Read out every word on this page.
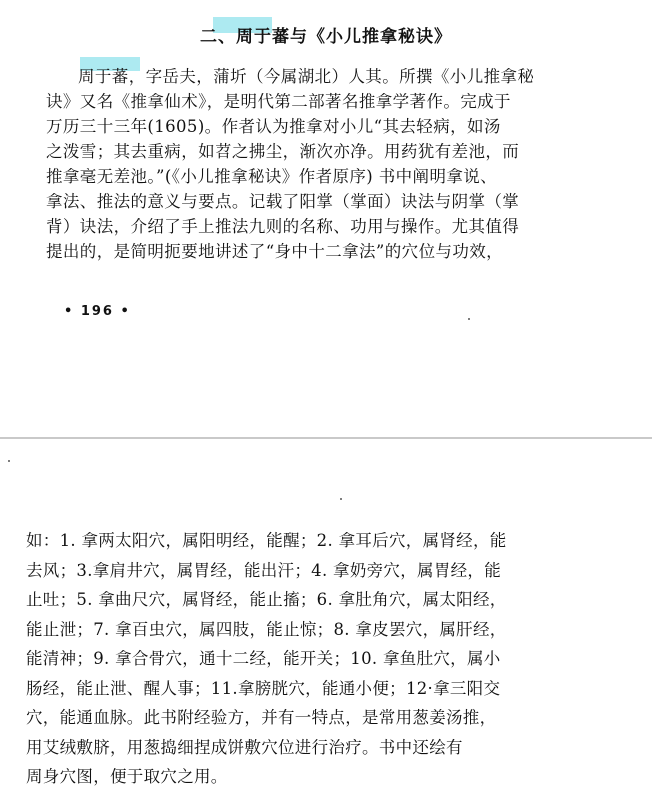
二、周于蕃与《小儿推拿秘诀》
周于蕃，字岳夫，蒲圻（今属湖北）人其。所撰《小儿推拿秘
诀》又名《推拿仙术》，是明代第二部著名推拿学著作。完成于
万历三十三年(1605)。作者认为推拿对小儿“其去轻病，如汤
之泼雪；其去重病，如苕之拂尘，渐次亦净。用药犹有差池，而
推拿毫无差池。”(《小儿推拿秘诀》作者原序) 书中阐明拿说、
拿法、推法的意义与要点。记载了阳掌（掌面）诀法与阴掌（掌
背）诀法，介绍了手上推法九则的名称、功用与操作。尤其值得
提出的，是简明扼要地讲述了“身中十二拿法”的穴位与功效，
• 196 •
如：1. 拿两太阳穴，属阳明经，能醒；2. 拿耳后穴，属肾经，能
去风；3.拿肩井穴，属胃经，能出汗；4. 拿奶旁穴，属胃经，能
止吐；5. 拿曲尺穴，属肾经，能止搐；6. 拿肚角穴，属太阳经，
能止泄；7. 拿百虫穴，属四肢，能止惊；8. 拿皮罢穴，属肝经，
能清神；9. 拿合骨穴，通十二经，能开关；10. 拿鱼肚穴，属小
肠经，能止泄、醒人事；11.拿膀胱穴，能通小便；12·拿三阳交
穴，能通血脉。此书附经验方，并有一特点，是常用葱姜汤推，
用艾绒敷脐，用葱捣细捏成饼敷穴位进行治疗。书中还绘有
周身穴图，便于取穴之用。
